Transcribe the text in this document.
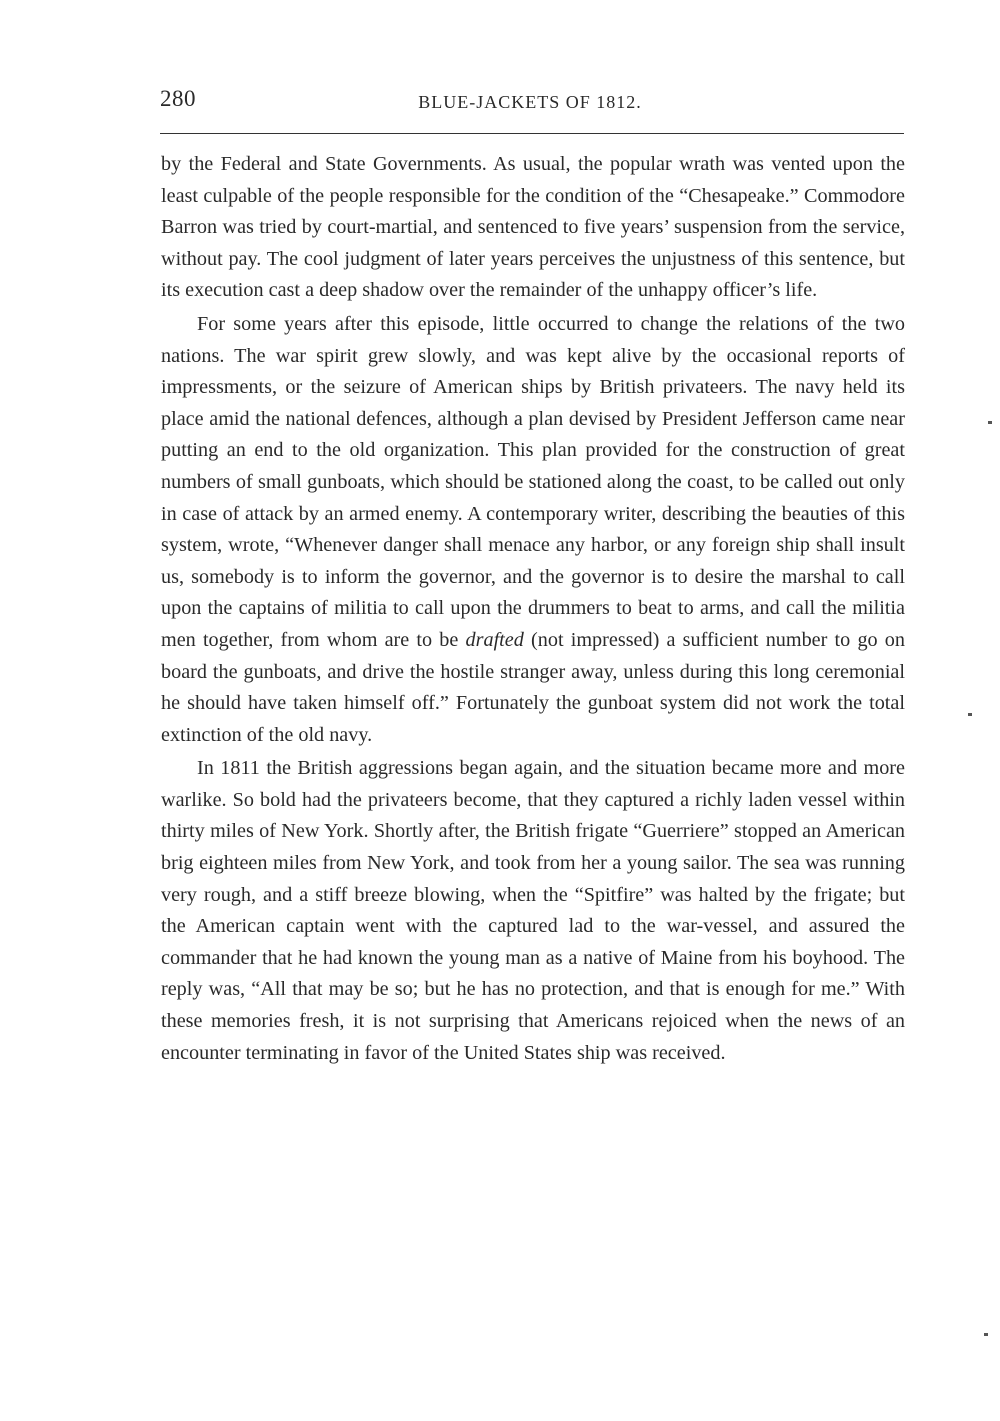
280	BLUE-JACKETS OF 1812.

by the Federal and State Governments. As usual, the popular wrath was vented upon the least culpable of the people responsible for the condition of the “Chesapeake.” Commodore Barron was tried by court-martial, and sentenced to five years’ suspension from the service, without pay. The cool judgment of later years perceives the unjustness of this sentence, but its execution cast a deep shadow over the remainder of the unhappy officer’s life.

For some years after this episode, little occurred to change the relations of the two nations. The war spirit grew slowly, and was kept alive by the occasional reports of impressments, or the seizure of American ships by British privateers. The navy held its place amid the national defences, although a plan devised by President Jefferson came near putting an end to the old organization. This plan provided for the construction of great numbers of small gunboats, which should be stationed along the coast, to be called out only in case of attack by an armed enemy. A contemporary writer, describing the beauties of this system, wrote, “Whenever danger shall menace any harbor, or any foreign ship shall insult us, somebody is to inform the governor, and the governor is to desire the marshal to call upon the captains of militia to call upon the drummers to beat to arms, and call the militia men together, from whom are to be drafted (not impressed) a sufficient number to go on board the gunboats, and drive the hostile stranger away, unless during this long ceremonial he should have taken himself off.” Fortunately the gunboat system did not work the total extinction of the old navy.

In 1811 the British aggressions began again, and the situation became more and more warlike. So bold had the privateers become, that they captured a richly laden vessel within thirty miles of New York. Shortly after, the British frigate “Guerriere” stopped an American brig eighteen miles from New York, and took from her a young sailor. The sea was running very rough, and a stiff breeze blowing, when the “Spitfire” was halted by the frigate; but the American captain went with the captured lad to the war-vessel, and assured the commander that he had known the young man as a native of Maine from his boyhood. The reply was, “All that may be so; but he has no protection, and that is enough for me.” With these memories fresh, it is not surprising that Americans rejoiced when the news of an encounter terminating in favor of the United States ship was received.
